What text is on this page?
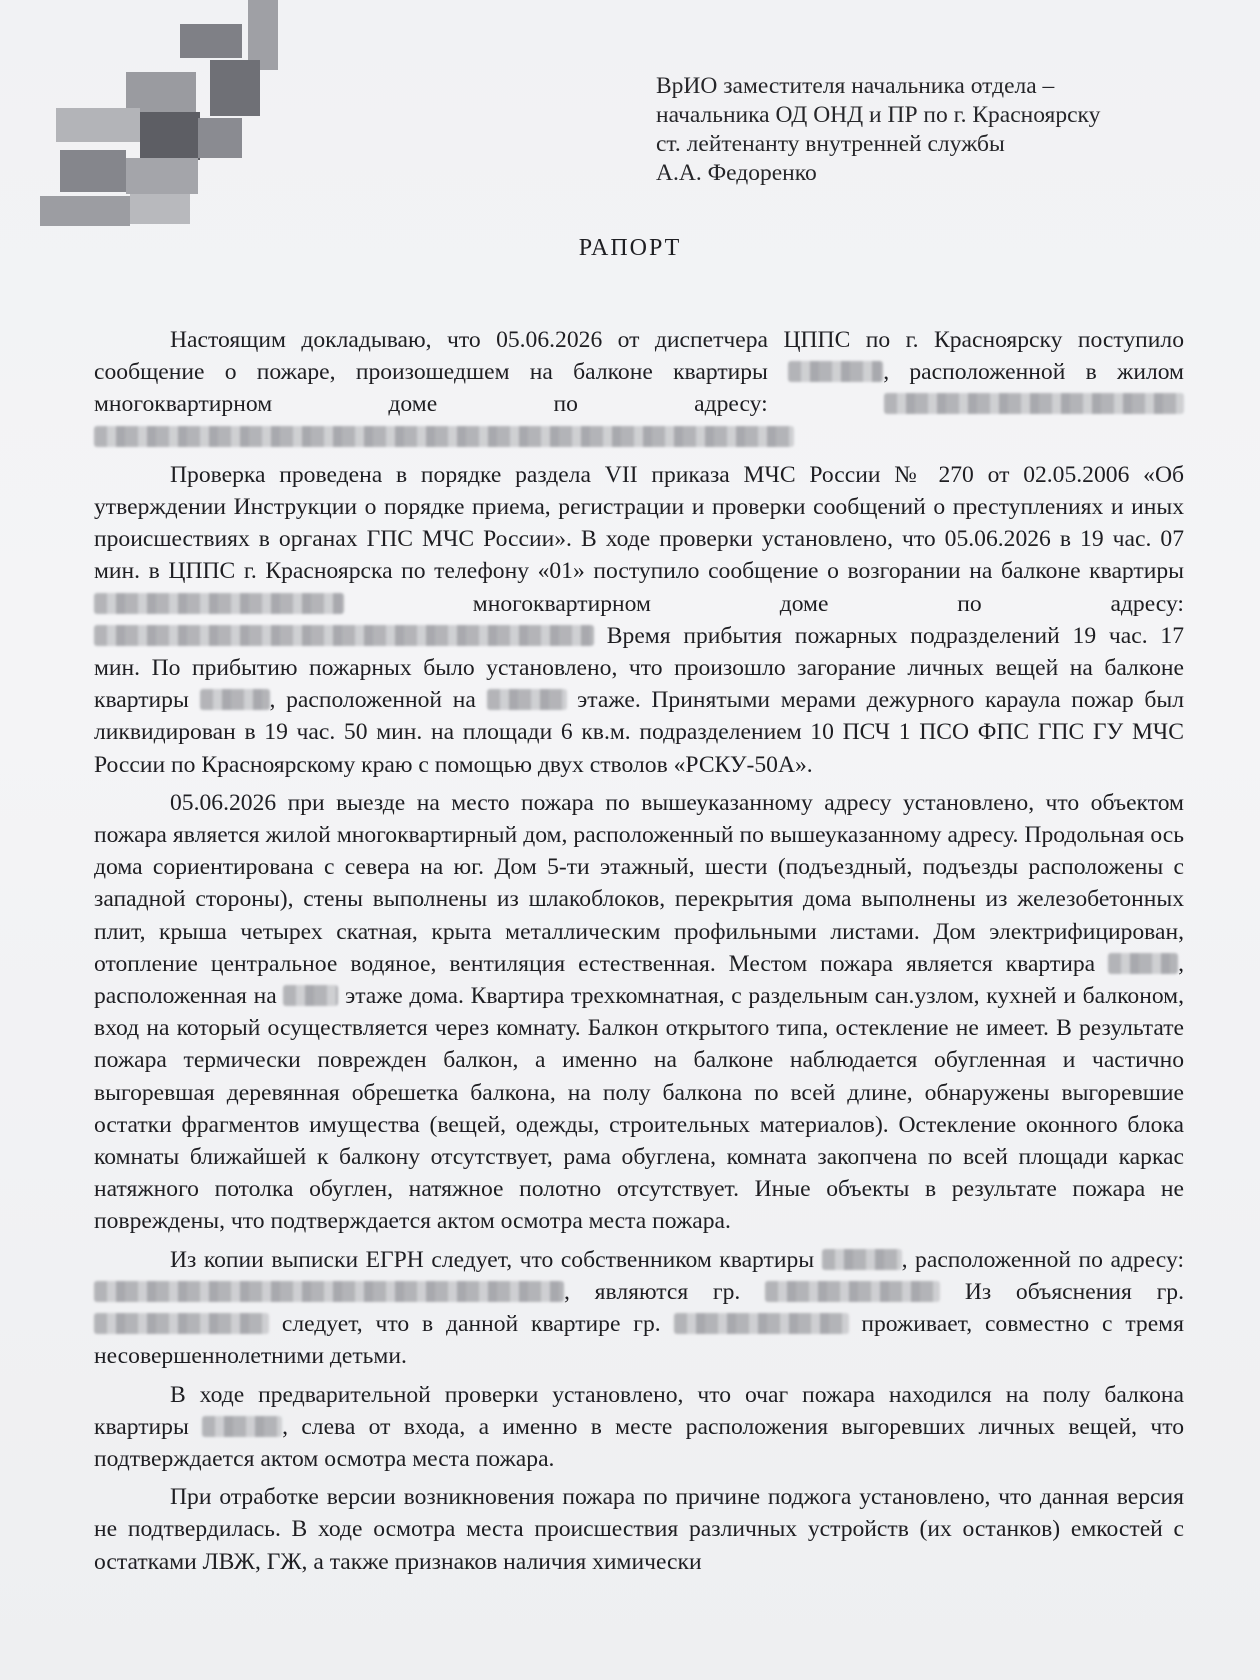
ВрИО заместителя начальника отдела –
начальника ОД ОНД и ПР по г. Красноярску
ст. лейтенанту внутренней службы
А.А. Федоренко
РАПОРТ

Настоящим докладываю, что 05.06.2026 от диспетчера ЦППС по г. Красноярску поступило сообщение о пожаре, произошедшем на балконе квартиры	, расположенной в жилом многоквартирном доме по адресу:

Проверка проведена в порядке раздела VII приказа МЧС России № 270 от 02.05.2006 «Об утверждении Инструкции о порядке приема, регистрации и проверки сообщений о преступлениях и иных происшествиях в органах ГПС МЧС России». В ходе проверки установлено, что 05.06.2026 в 19 час. 07 мин. в ЦППС г. Красноярска по телефону «01» поступило сообщение о возгорании на балконе квартиры  многоквартирном доме по адресу:  Время прибытия пожарных подразделений 19 час. 17 мин. По прибытию пожарных было установлено, что произошло загорание личных вещей на балконе квартиры	, расположенной на	этаже. Принятыми мерами дежурного караула пожар был ликвидирован в 19 час. 50 мин. на площади 6 кв.м. подразделением 10 ПСЧ 1 ПСО ФПС ГПС ГУ МЧС России по Красноярскому краю с помощью двух стволов «РСКУ-50А».

05.06.2026 при выезде на место пожара по вышеуказанному адресу установлено, что объектом пожара является жилой многоквартирный дом, расположенный по вышеуказанному адресу. Продольная ось дома сориентирована с севера на юг. Дом 5-ти этажный, шести (подъездный, подъезды расположены с западной стороны), стены выполнены из шлакоблоков, перекрытия дома выполнены из железобетонных плит, крыша четырех скатная, крыта металлическим профильными листами. Дом электрифицирован, отопление центральное водяное, вентиляция естественная. Местом пожара является квартира	, расположенная на	этаже дома. Квартира трехкомнатная, с раздельным сан.узлом, кухней и балконом, вход на который осуществляется через комнату. Балкон открытого типа, остекление не имеет. В результате пожара термически поврежден балкон, а именно на балконе наблюдается обугленная и частично выгоревшая деревянная обрешетка балкона, на полу балкона по всей длине, обнаружены выгоревшие остатки фрагментов имущества (вещей, одежды, строительных материалов). Остекление оконного блока комнаты ближайшей к балкону отсутствует, рама обуглена, комната закопчена по всей площади каркас натяжного потолка обуглен, натяжное полотно отсутствует. Иные объекты в результате пожара не повреждены, что подтверждается актом осмотра места пожара.

Из копии выписки ЕГРН следует, что собственником квартиры	, расположенной по адресу: , являются гр.	Из объяснения гр.  следует, что в данной квартире гр.	проживает, совместно с тремя несовершеннолетними детьми.

В ходе предварительной проверки установлено, что очаг пожара находился на полу балкона квартиры	, слева от входа, а именно в месте расположения выгоревших личных вещей, что подтверждается актом осмотра места пожара.

При отработке версии возникновения пожара по причине поджога установлено, что данная версия не подтвердилась. В ходе осмотра места происшествия различных устройств (их останков) емкостей с остатками ЛВЖ, ГЖ, а также признаков наличия химически
